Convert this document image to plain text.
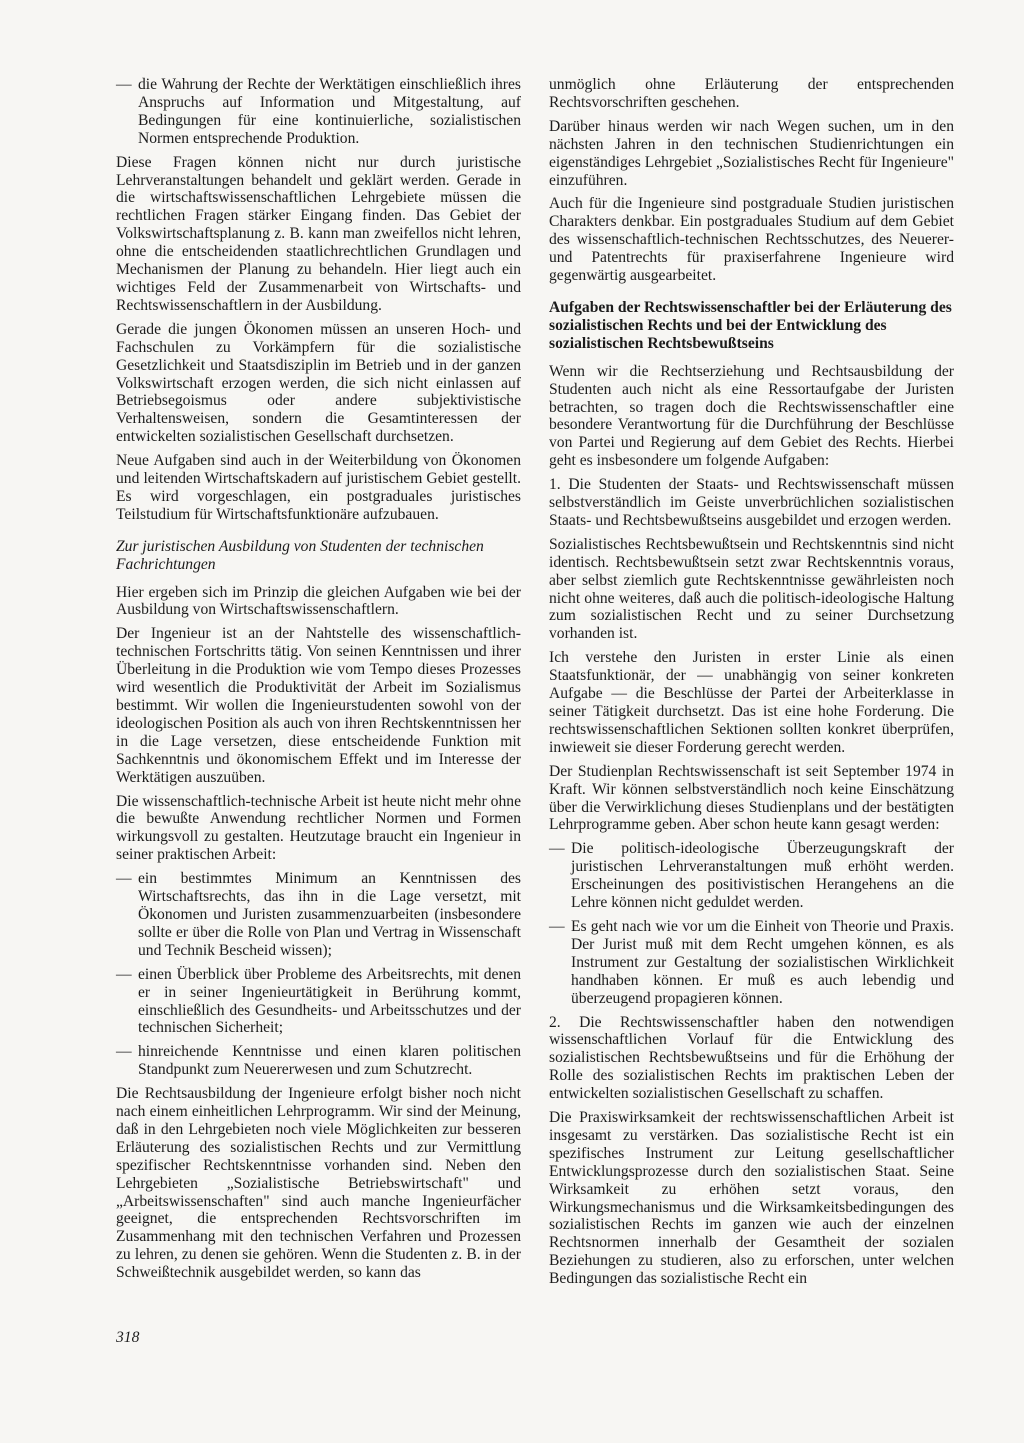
— die Wahrung der Rechte der Werktätigen einschließlich ihres Anspruchs auf Information und Mitgestaltung, auf Bedingungen für eine kontinuierliche, sozialistischen Normen entsprechende Produktion.

Diese Fragen können nicht nur durch juristische Lehrveranstaltungen behandelt und geklärt werden. Gerade in die wirtschaftswissenschaftlichen Lehrgebiete müssen die rechtlichen Fragen stärker Eingang finden. Das Gebiet der Volkswirtschaftsplanung z. B. kann man zweifellos nicht lehren, ohne die entscheidenden staatlichrechtlichen Grundlagen und Mechanismen der Planung zu behandeln. Hier liegt auch ein wichtiges Feld der Zusammenarbeit von Wirtschafts- und Rechtswissenschaftlern in der Ausbildung.

Gerade die jungen Ökonomen müssen an unseren Hoch- und Fachschulen zu Vorkämpfern für die sozialistische Gesetzlichkeit und Staatsdisziplin im Betrieb und in der ganzen Volkswirtschaft erzogen werden, die sich nicht einlassen auf Betriebsegoismus oder andere subjektivistische Verhaltensweisen, sondern die Gesamtinteressen der entwickelten sozialistischen Gesellschaft durchsetzen.

Neue Aufgaben sind auch in der Weiterbildung von Ökonomen und leitenden Wirtschaftskadern auf juristischem Gebiet gestellt. Es wird vorgeschlagen, ein postgraduales juristisches Teilstudium für Wirtschaftsfunktionäre aufzubauen.

Zur juristischen Ausbildung von Studenten der technischen Fachrichtungen

Hier ergeben sich im Prinzip die gleichen Aufgaben wie bei der Ausbildung von Wirtschaftswissenschaftlern.

Der Ingenieur ist an der Nahtstelle des wissenschaftlich-technischen Fortschritts tätig. Von seinen Kenntnissen und ihrer Überleitung in die Produktion wie vom Tempo dieses Prozesses wird wesentlich die Produktivität der Arbeit im Sozialismus bestimmt. Wir wollen die Ingenieurstudenten sowohl von der ideologischen Position als auch von ihren Rechtskenntnissen her in die Lage versetzen, diese entscheidende Funktion mit Sachkenntnis und ökonomischem Effekt und im Interesse der Werktätigen auszuüben.

Die wissenschaftlich-technische Arbeit ist heute nicht mehr ohne die bewußte Anwendung rechtlicher Normen und Formen wirkungsvoll zu gestalten. Heutzutage braucht ein Ingenieur in seiner praktischen Arbeit:

— ein bestimmtes Minimum an Kenntnissen des Wirtschaftsrechts, das ihn in die Lage versetzt, mit Ökonomen und Juristen zusammenzuarbeiten (insbesondere sollte er über die Rolle von Plan und Vertrag in Wissenschaft und Technik Bescheid wissen);
— einen Überblick über Probleme des Arbeitsrechts, mit denen er in seiner Ingenieurtätigkeit in Berührung kommt, einschließlich des Gesundheits- und Arbeitsschutzes und der technischen Sicherheit;
— hinreichende Kenntnisse und einen klaren politischen Standpunkt zum Neuererwesen und zum Schutzrecht.

Die Rechtsausbildung der Ingenieure erfolgt bisher noch nicht nach einem einheitlichen Lehrprogramm. Wir sind der Meinung, daß in den Lehrgebieten noch viele Möglichkeiten zur besseren Erläuterung des sozialistischen Rechts und zur Vermittlung spezifischer Rechtskenntnisse vorhanden sind. Neben den Lehrgebieten „Sozialistische Betriebswirtschaft" und „Arbeitswissenschaften" sind auch manche Ingenieurfächer geeignet, die entsprechenden Rechtsvorschriften im Zusammenhang mit den technischen Verfahren und Prozessen zu lehren, zu denen sie gehören. Wenn die Studenten z. B. in der Schweißtechnik ausgebildet werden, so kann das

unmöglich ohne Erläuterung der entsprechenden Rechtsvorschriften geschehen.

Darüber hinaus werden wir nach Wegen suchen, um in den nächsten Jahren in den technischen Studienrichtungen ein eigenständiges Lehrgebiet „Sozialistisches Recht für Ingenieure" einzuführen.

Auch für die Ingenieure sind postgraduale Studien juristischen Charakters denkbar. Ein postgraduales Studium auf dem Gebiet des wissenschaftlich-technischen Rechtsschutzes, des Neuerer- und Patentrechts für praxiserfahrene Ingenieure wird gegenwärtig ausgearbeitet.

Aufgaben der Rechtswissenschaftler bei der Erläuterung des sozialistischen Rechts und bei der Entwicklung des sozialistischen Rechtsbewußtseins

Wenn wir die Rechtserziehung und Rechtsausbildung der Studenten auch nicht als eine Ressortaufgabe der Juristen betrachten, so tragen doch die Rechtswissenschaftler eine besondere Verantwortung für die Durchführung der Beschlüsse von Partei und Regierung auf dem Gebiet des Rechts. Hierbei geht es insbesondere um folgende Aufgaben:

1. Die Studenten der Staats- und Rechtswissenschaft müssen selbstverständlich im Geiste unverbrüchlichen sozialistischen Staats- und Rechtsbewußtseins ausgebildet und erzogen werden.

Sozialistisches Rechtsbewußtsein und Rechtskenntnis sind nicht identisch. Rechtsbewußtsein setzt zwar Rechtskenntnis voraus, aber selbst ziemlich gute Rechtskenntnisse gewährleisten noch nicht ohne weiteres, daß auch die politisch-ideologische Haltung zum sozialistischen Recht und zu seiner Durchsetzung vorhanden ist.

Ich verstehe den Juristen in erster Linie als einen Staatsfunktionär, der — unabhängig von seiner konkreten Aufgabe — die Beschlüsse der Partei der Arbeiterklasse in seiner Tätigkeit durchsetzt. Das ist eine hohe Forderung. Die rechtswissenschaftlichen Sektionen sollten konkret überprüfen, inwieweit sie dieser Forderung gerecht werden.

Der Studienplan Rechtswissenschaft ist seit September 1974 in Kraft. Wir können selbstverständlich noch keine Einschätzung über die Verwirklichung dieses Studienplans und der bestätigten Lehrprogramme geben. Aber schon heute kann gesagt werden:

— Die politisch-ideologische Überzeugungskraft der juristischen Lehrveranstaltungen muß erhöht werden. Erscheinungen des positivistischen Herangehens an die Lehre können nicht geduldet werden.
— Es geht nach wie vor um die Einheit von Theorie und Praxis. Der Jurist muß mit dem Recht umgehen können, es als Instrument zur Gestaltung der sozialistischen Wirklichkeit handhaben können. Er muß es auch lebendig und überzeugend propagieren können.

2. Die Rechtswissenschaftler haben den notwendigen wissenschaftlichen Vorlauf für die Entwicklung des sozialistischen Rechtsbewußtseins und für die Erhöhung der Rolle des sozialistischen Rechts im praktischen Leben der entwickelten sozialistischen Gesellschaft zu schaffen.

Die Praxiswirksamkeit der rechtswissenschaftlichen Arbeit ist insgesamt zu verstärken. Das sozialistische Recht ist ein spezifisches Instrument zur Leitung gesellschaftlicher Entwicklungsprozesse durch den sozialistischen Staat. Seine Wirksamkeit zu erhöhen setzt voraus, den Wirkungsmechanismus und die Wirksamkeitsbedingungen des sozialistischen Rechts im ganzen wie auch der einzelnen Rechtsnormen innerhalb der Gesamtheit der sozialen Beziehungen zu studieren, also zu erforschen, unter welchen Bedingungen das sozialistische Recht ein

318
